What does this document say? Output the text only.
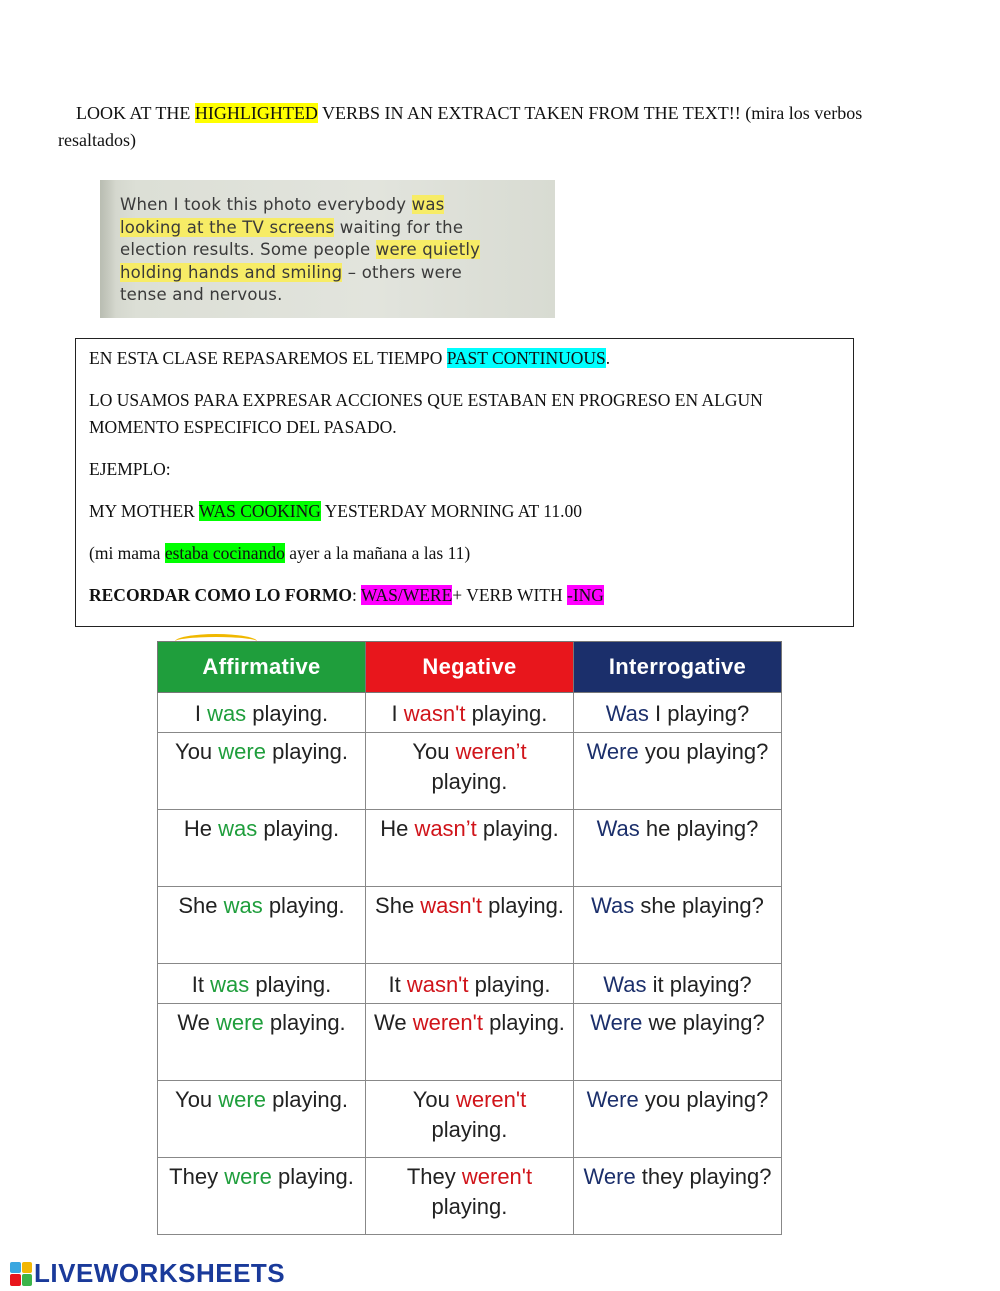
LOOK AT THE HIGHLIGHTED VERBS IN AN EXTRACT TAKEN FROM THE TEXT!! (mira los verbos resaltados)

When I took this photo everybody was
looking at the TV screens waiting for the
election results. Some people were quietly
holding hands and smiling – others were
tense and nervous.

EN ESTA CLASE REPASAREMOS EL TIEMPO PAST CONTINUOUS.

LO USAMOS PARA EXPRESAR ACCIONES QUE ESTABAN EN PROGRESO EN ALGUN MOMENTO ESPECIFICO DEL PASADO.

EJEMPLO:

MY MOTHER WAS COOKING YESTERDAY MORNING AT 11.00

(mi mama estaba cocinando ayer a la mañana a las 11)

RECORDAR COMO LO FORMO: WAS/WERE+ VERB WITH -ING

Affirmative	Negative	Interrogative
I was playing.	I wasn't playing.	Was I playing?
You were playing.	You weren’t playing.	Were you playing?
He was playing.	He wasn’t playing.	Was he playing?
She was playing.	She wasn't playing.	Was she playing?
It was playing.	It wasn't playing.	Was it playing?
We were playing.	We weren't playing.	Were we playing?
You were playing.	You weren't playing.	Were you playing?
They were playing.	They weren't playing.	Were they playing?
LIVEWORKSHEETS
